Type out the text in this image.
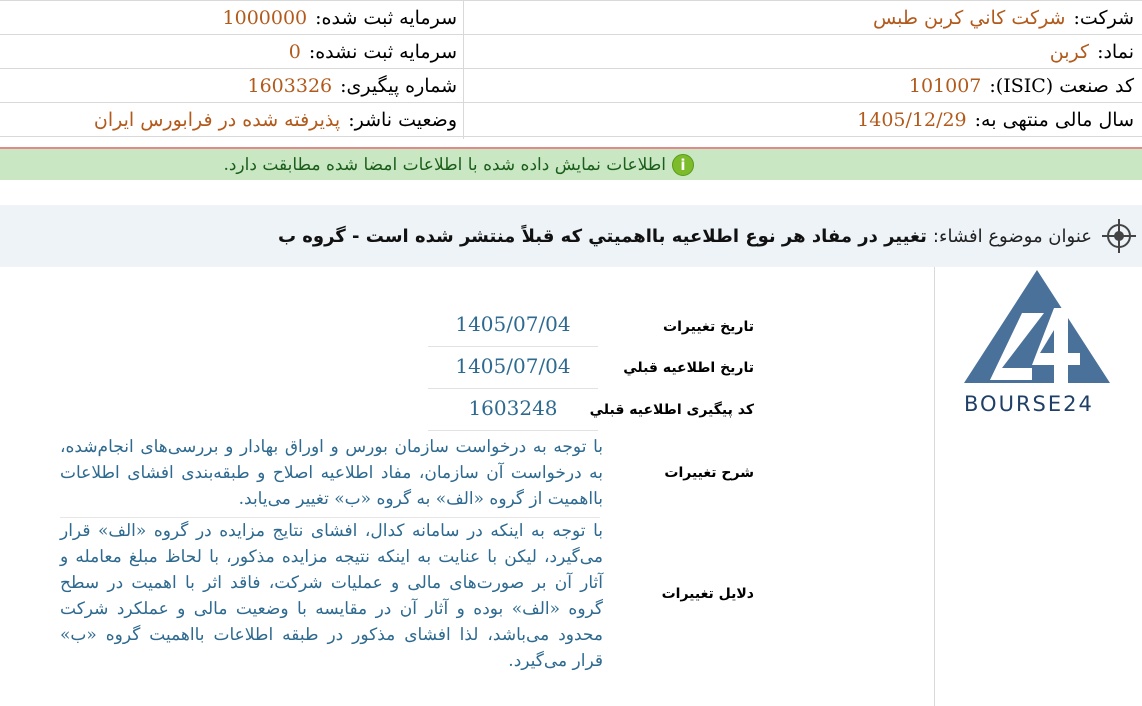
شرکت:
شرکت كاني کربن طبس
سرمايه ثبت شده:
1000000
نماد:
کربن
سرمايه ثبت نشده:
0
کد صنعت (ISIC):
101007
شماره پیگیری:
1603326
سال مالی منتهی به:
1405/12/29
وضعیت ناشر:
پذیرفته شده در فرابورس ایران
i
اطلاعات نمایش داده شده با اطلاعات امضا شده مطابقت دارد.
عنوان موضوع افشاء:
تغيير در مفاد هر نوع اطلاعيه بااهميتي که قبلاً منتشر شده است - گروه ب
BOURSE24
1405/07/04	تاريخ تغييرات
1405/07/04	تاريخ اطلاعيه قبلي
1603248	کد پيگيری اطلاعيه قبلي
با توجه به درخواست سازمان بورس و اوراق بهادار و بررسی‌های انجام‌شده، به درخواست آن سازمان، مفاد اطلاعیه اصلاح و طبقه‌بندی افشای اطلاعات بااهمیت از گروه «الف» به گروه «ب» تغییر می‌یابد.
شرح تغييرات
با توجه به اینکه در سامانه کدال، افشای نتایج مزایده در گروه «الف» قرار می‌گیرد، لیکن با عنایت به اینکه نتیجه مزایده مذکور، با لحاظ مبلغ معامله و آثار آن بر صورت‌های مالی و عملیات شرکت، فاقد اثر با اهمیت در سطح گروه «الف» بوده و آثار آن در مقایسه با وضعیت مالی و عملکرد شرکت محدود می‌باشد، لذا افشای مذکور در طبقه اطلاعات بااهمیت گروه «ب» قرار می‌گیرد.
دلايل تغييرات
